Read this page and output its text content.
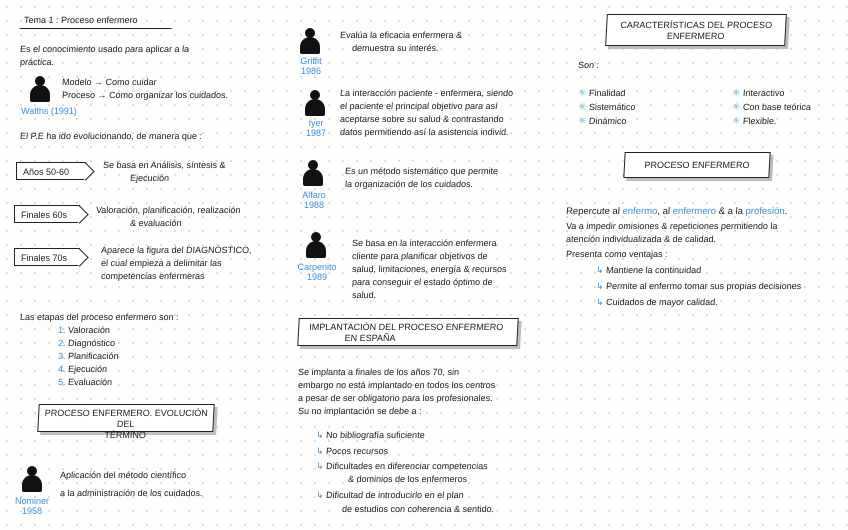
Tema 1 : Proceso enfermero
Es el conocimiento usado para aplicar a la
práctica.
Walths (1991)
Modelo → Como cuidar
Proceso → Como organizar los cuidados.
El P.E ha ido evolucionando, de manera que :
Años 50-60
Se basa en Análisis, síntesis &
Ejecución
Finales 60s	Valoración, planificación, realización
& evaluación
Finales 70s
Aparece la figura del DIAGNÓSTICO,
el cual empieza a delimitar las
competencias enfermeras
Las etapas del proceso enfermero son :
1. Valoración
2. Diagnóstico
3. Planificación
4. Ejecución
5. Evaluación
PROCESO ENFERMERO. EVOLUCIÓN DEL
TÉRMINO
Nominer
1958
Aplicación del método científico
a la administración de los cuidados.
Griffit
1986
Evalúa la eficacia enfermera &
demuestra su interés.
Iyer
1987
La interacción paciente - enfermera, siendo
el paciente el principal objetivo para así
aceptarse sobre su salud & contrastando
datos permitiendo así la asistencia individ.
Alfaro
1988
Es un método sistemático que permite
la organización de los cuidados.
Carpenito
1989
Se basa en la interacción enfermera
cliente para planificar objetivos de
salud, limitaciones, energía & recursos
para conseguir el estado óptimo de
salud.
IMPLANTACIÓN DEL PROCESO ENFERMERO
EN ESPAÑA
Se implanta a finales de los años 70, sin
embargo no está implantado en todos los centros
a pesar de ser obligatorio para los profesionales.
Su no implantación se debe a :
↳ No bibliografía suficiente
↳ Pocos recursos
↳ Dificultades en diferenciar competencias
& dominios de los enfermeros
↳ Dificultad de introducirlo en el plan
de estudios con coherencia & sentido.
CARACTERÍSTICAS DEL PROCESO
ENFERMERO
Son :
✳ Finalidad
✳ Sistemático
✳ Dinámico
✳ Interactivo
✳ Con base teórica
✳ Flexible.
PROCESO ENFERMERO
Repercute al enfermo, al enfermero & a la profesión.
Va a impedir omisiones & repeticiones permitiendo la
atención individualizada & de calidad.
Presenta como ventajas :
↳ Mantiene la continuidad
↳ Permite al enfermo tomar sus propias decisiones
↳ Cuidados de mayor calidad.
